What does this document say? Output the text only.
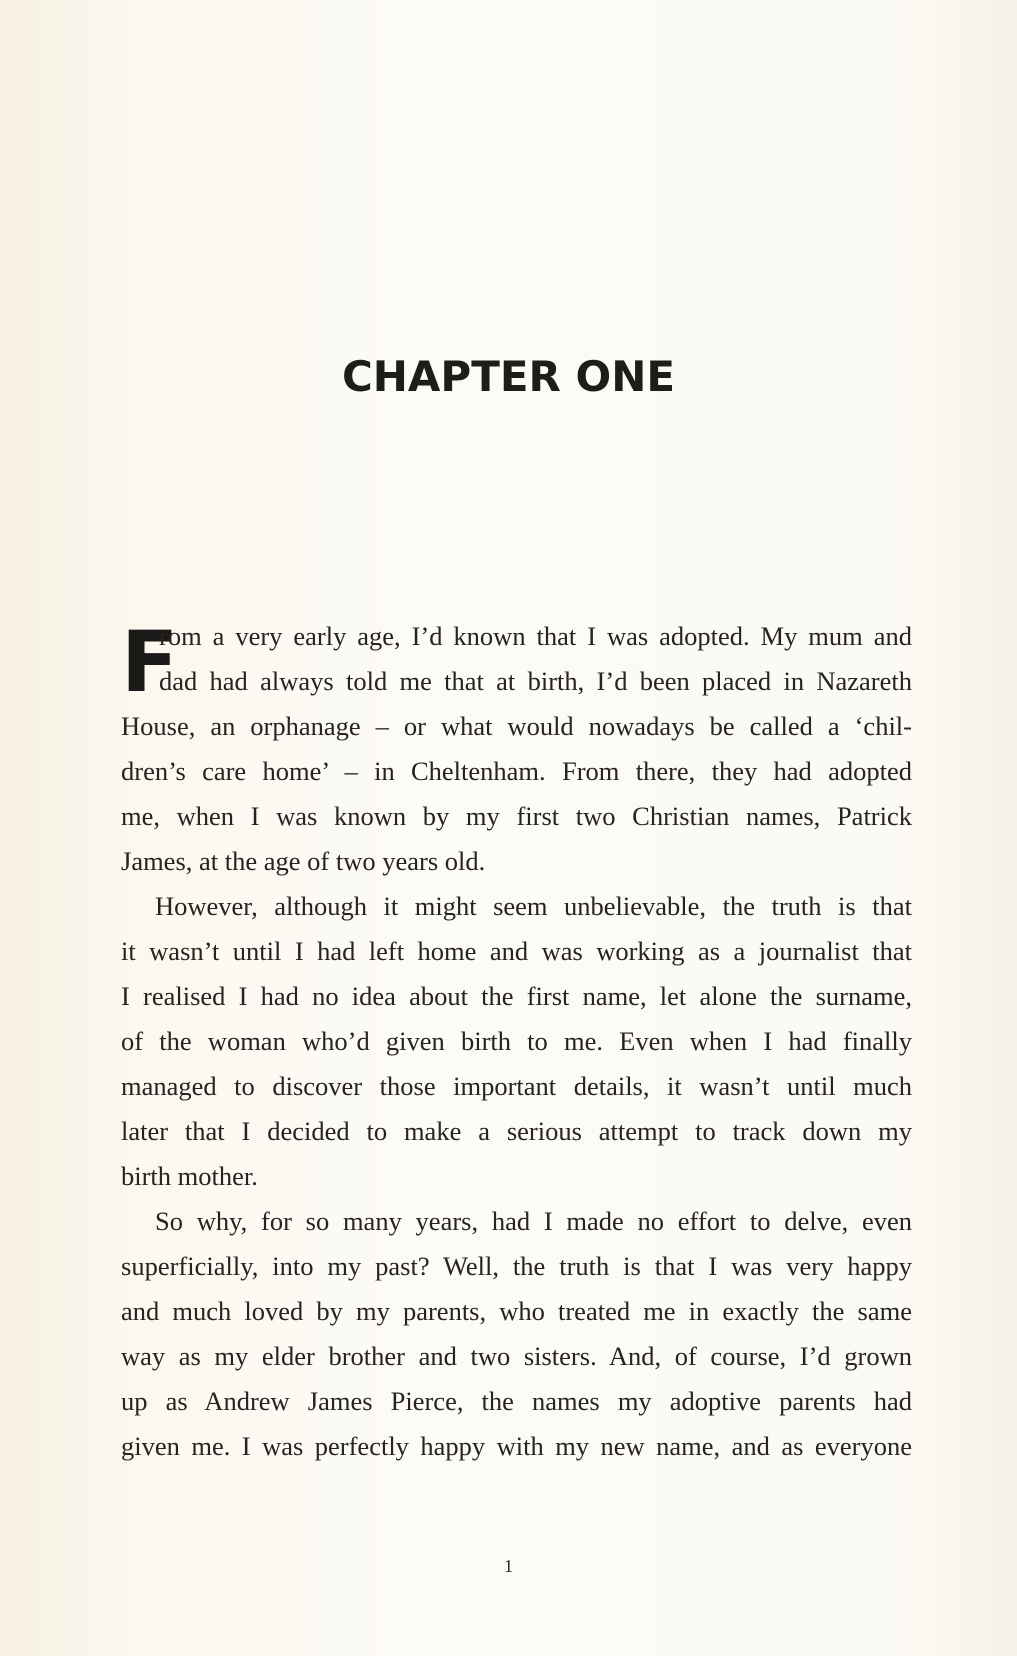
CHAPTER ONE
F
rom a very early age, I’d known that I was adopted. My mum and
dad had always told me that at birth, I’d been placed in Nazareth
House, an orphanage – or what would nowadays be called a ‘chil-
dren’s care home’ – in Cheltenham. From there, they had adopted
me, when I was known by my first two Christian names, Patrick
James, at the age of two years old.
However, although it might seem unbelievable, the truth is that
it wasn’t until I had left home and was working as a journalist that
I realised I had no idea about the first name, let alone the surname,
of the woman who’d given birth to me. Even when I had finally
managed to discover those important details, it wasn’t until much
later that I decided to make a serious attempt to track down my
birth mother.
So why, for so many years, had I made no effort to delve, even
superficially, into my past? Well, the truth is that I was very happy
and much loved by my parents, who treated me in exactly the same
way as my elder brother and two sisters. And, of course, I’d grown
up as Andrew James Pierce, the names my adoptive parents had
given me. I was perfectly happy with my new name, and as everyone
1
